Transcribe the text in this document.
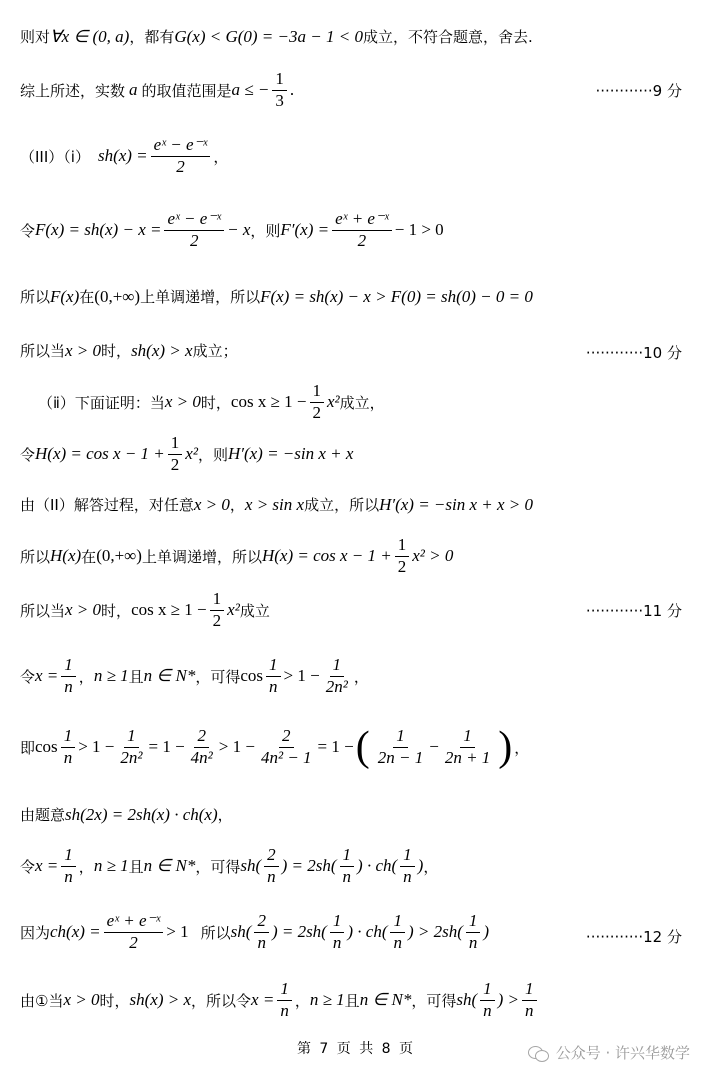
则对 ∀x ∈ (0, a) ，都有 G(x) < G(0) = −3a − 1 < 0 成立，不符合题意，舍去.
综上所述，实数 a 的取值范围是 a ≤ − $\frac{1}{3}$ .	············9 分
（III）（ⅰ） $sh(x) = \frac{\text{eˣ − e⁻ˣ}}{2}$ ，
令 $F(x) = sh(x) - x = \frac{\text{eˣ − e⁻ˣ}}{2} - x$ ，则 $F'(x) = \frac{\text{eˣ + e⁻ˣ}}{2} - 1 > 0$
所以 F(x) 在 (0,+∞) 上单调递增，所以 F(x) = sh(x) − x > F(0) = sh(0) − 0 = 0
所以当 x > 0 时， sh(x) > x 成立；	············10 分
（ⅱ）下面证明：当 x > 0 时， $\cos x \ge 1 - \frac{1}{2} x^2$ 成立，
令 $H(x) = \cos x - 1 + \frac{1}{2} x^2$ ，则 H′(x) = −sin x + x
由（II）解答过程，对任意 x > 0 ， x > sin x 成立，所以 H′(x) = −sin x + x > 0
所以 H(x) 在 (0,+∞) 上单调递增，所以 $H(x) = \cos x - 1 + \frac{1}{2} x^2 > 0$
所以当 x > 0 时， $\cos x \ge 1 - \frac{1}{2} x^2$ 成立	············11 分
令 $x = \frac{1}{n}$ ， n ≥ 1 且 n ∈ N* ，可得 $\cos \frac{1}{n} > 1 - \frac{1}{\text{2n²}}$ ，
即 $\cos \frac{1}{n} > 1 - \frac{1}{\text{2n²}} = 1 - \frac{2}{\text{4n²}} > 1 - \frac{2}{\text{4n² − 1}} = 1$ − ( $\frac{1}{2n - 1} - \frac{1}{2n + 1}$ ) ，
由题意 sh(2x) = 2sh(x) · ch(x) ，
令 $x = \frac{1}{n}$ ， n ≥ 1 且 n ∈ N* ，可得 $sh( \frac{2}{n}$ ) = $2sh( \frac{1}{n}$ ) · $ch( \frac{1}{n}$ ) ，
因为 $ch(x) = \frac{\text{eˣ + e⁻ˣ}}{2} > 1$ 所以 $sh( \frac{2}{n}$ ) = $2sh( \frac{1}{n}$ ) · $ch( \frac{1}{n}$ ) > $2sh( \frac{1}{n}$ )	············12 分
由①当 x > 0 时， sh(x) > x ，所以令 $x = \frac{1}{n}$ ， n ≥ 1 且 n ∈ N* ，可得 $sh( \frac{1}{n}$ ) > $\frac{1}{n}$
第 7 页 共 8 页	公众号 · 许兴华数学
